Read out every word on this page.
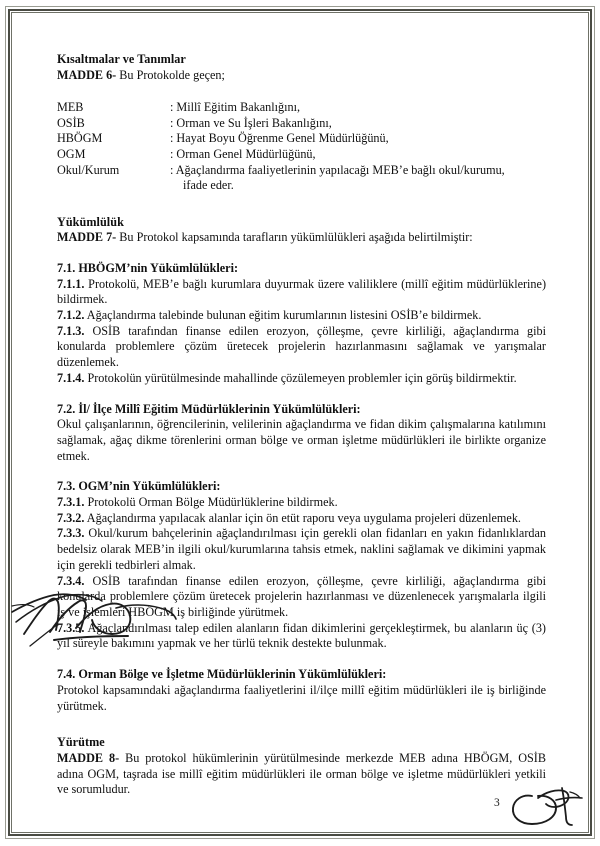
Kısaltmalar ve Tanımlar
MADDE 6- Bu Protokolde geçen;
MEB	: Millî Eğitim Bakanlığını,
OSİB	: Orman ve Su İşleri Bakanlığını,
HBÖGM	: Hayat Boyu Öğrenme Genel Müdürlüğünü,
OGM	: Orman Genel Müdürlüğünü,
Okul/Kurum	: Ağaçlandırma faaliyetlerinin yapılacağı MEB’e bağlı okul/kurumu,
ifade eder.
Yükümlülük
MADDE 7- Bu Protokol kapsamında tarafların yükümlülükleri aşağıda belirtilmiştir:
7.1. HBÖGM’nin Yükümlülükleri:

7.1.1. Protokolü, MEB’e bağlı kurumlara duyurmak üzere valiliklere (millî eğitim müdürlüklerine) bildirmek.

7.1.2. Ağaçlandırma talebinde bulunan eğitim kurumlarının listesini OSİB’e bildirmek.

7.1.3. OSİB tarafından finanse edilen erozyon, çölleşme, çevre kirliliği, ağaçlandırma gibi konularda problemlere çözüm üretecek projelerin hazırlanmasını sağlamak ve yarışmalar düzenlemek.

7.1.4. Protokolün yürütülmesinde mahallinde çözülemeyen problemler için görüş bildirmektir.

7.2. İl/ İlçe Millî Eğitim Müdürlüklerinin Yükümlülükleri:

Okul çalışanlarının, öğrencilerinin, velilerinin ağaçlandırma ve fidan dikim çalışmalarına katılımını sağlamak, ağaç dikme törenlerini orman bölge ve orman işletme müdürlükleri ile birlikte organize etmek.

7.3. OGM’nin Yükümlülükleri:

7.3.1. Protokolü Orman Bölge Müdürlüklerine bildirmek.

7.3.2. Ağaçlandırma yapılacak alanlar için ön etüt raporu veya uygulama projeleri düzenlemek.

7.3.3. Okul/kurum bahçelerinin ağaçlandırılması için gerekli olan fidanları en yakın fidanlıklardan bedelsiz olarak MEB’in ilgili okul/kurumlarına tahsis etmek, naklini sağlamak ve dikimini yapmak için gerekli tedbirleri almak.

7.3.4. OSİB tarafından finanse edilen erozyon, çölleşme, çevre kirliliği, ağaçlandırma gibi konularda problemlere çözüm üretecek projelerin hazırlanması ve düzenlenecek yarışmalarla ilgili iş ve işlemleri HBÖGM iş birliğinde yürütmek.

7.3.5. Ağaçlandırılması talep edilen alanların fidan dikimlerini gerçekleştirmek, bu alanların üç (3) yıl süreyle bakımını yapmak ve her türlü teknik destekte bulunmak.

7.4. Orman Bölge ve İşletme Müdürlüklerinin Yükümlülükleri:

Protokol kapsamındaki ağaçlandırma faaliyetlerini il/ilçe millî eğitim müdürlükleri ile iş birliğinde yürütmek.

Yürütme

MADDE 8- Bu protokol hükümlerinin yürütülmesinde merkezde MEB adına HBÖGM, OSİB adına OGM, taşrada ise millî eğitim müdürlükleri ile orman bölge ve işletme müdürlükleri yetkili ve sorumludur.

3
